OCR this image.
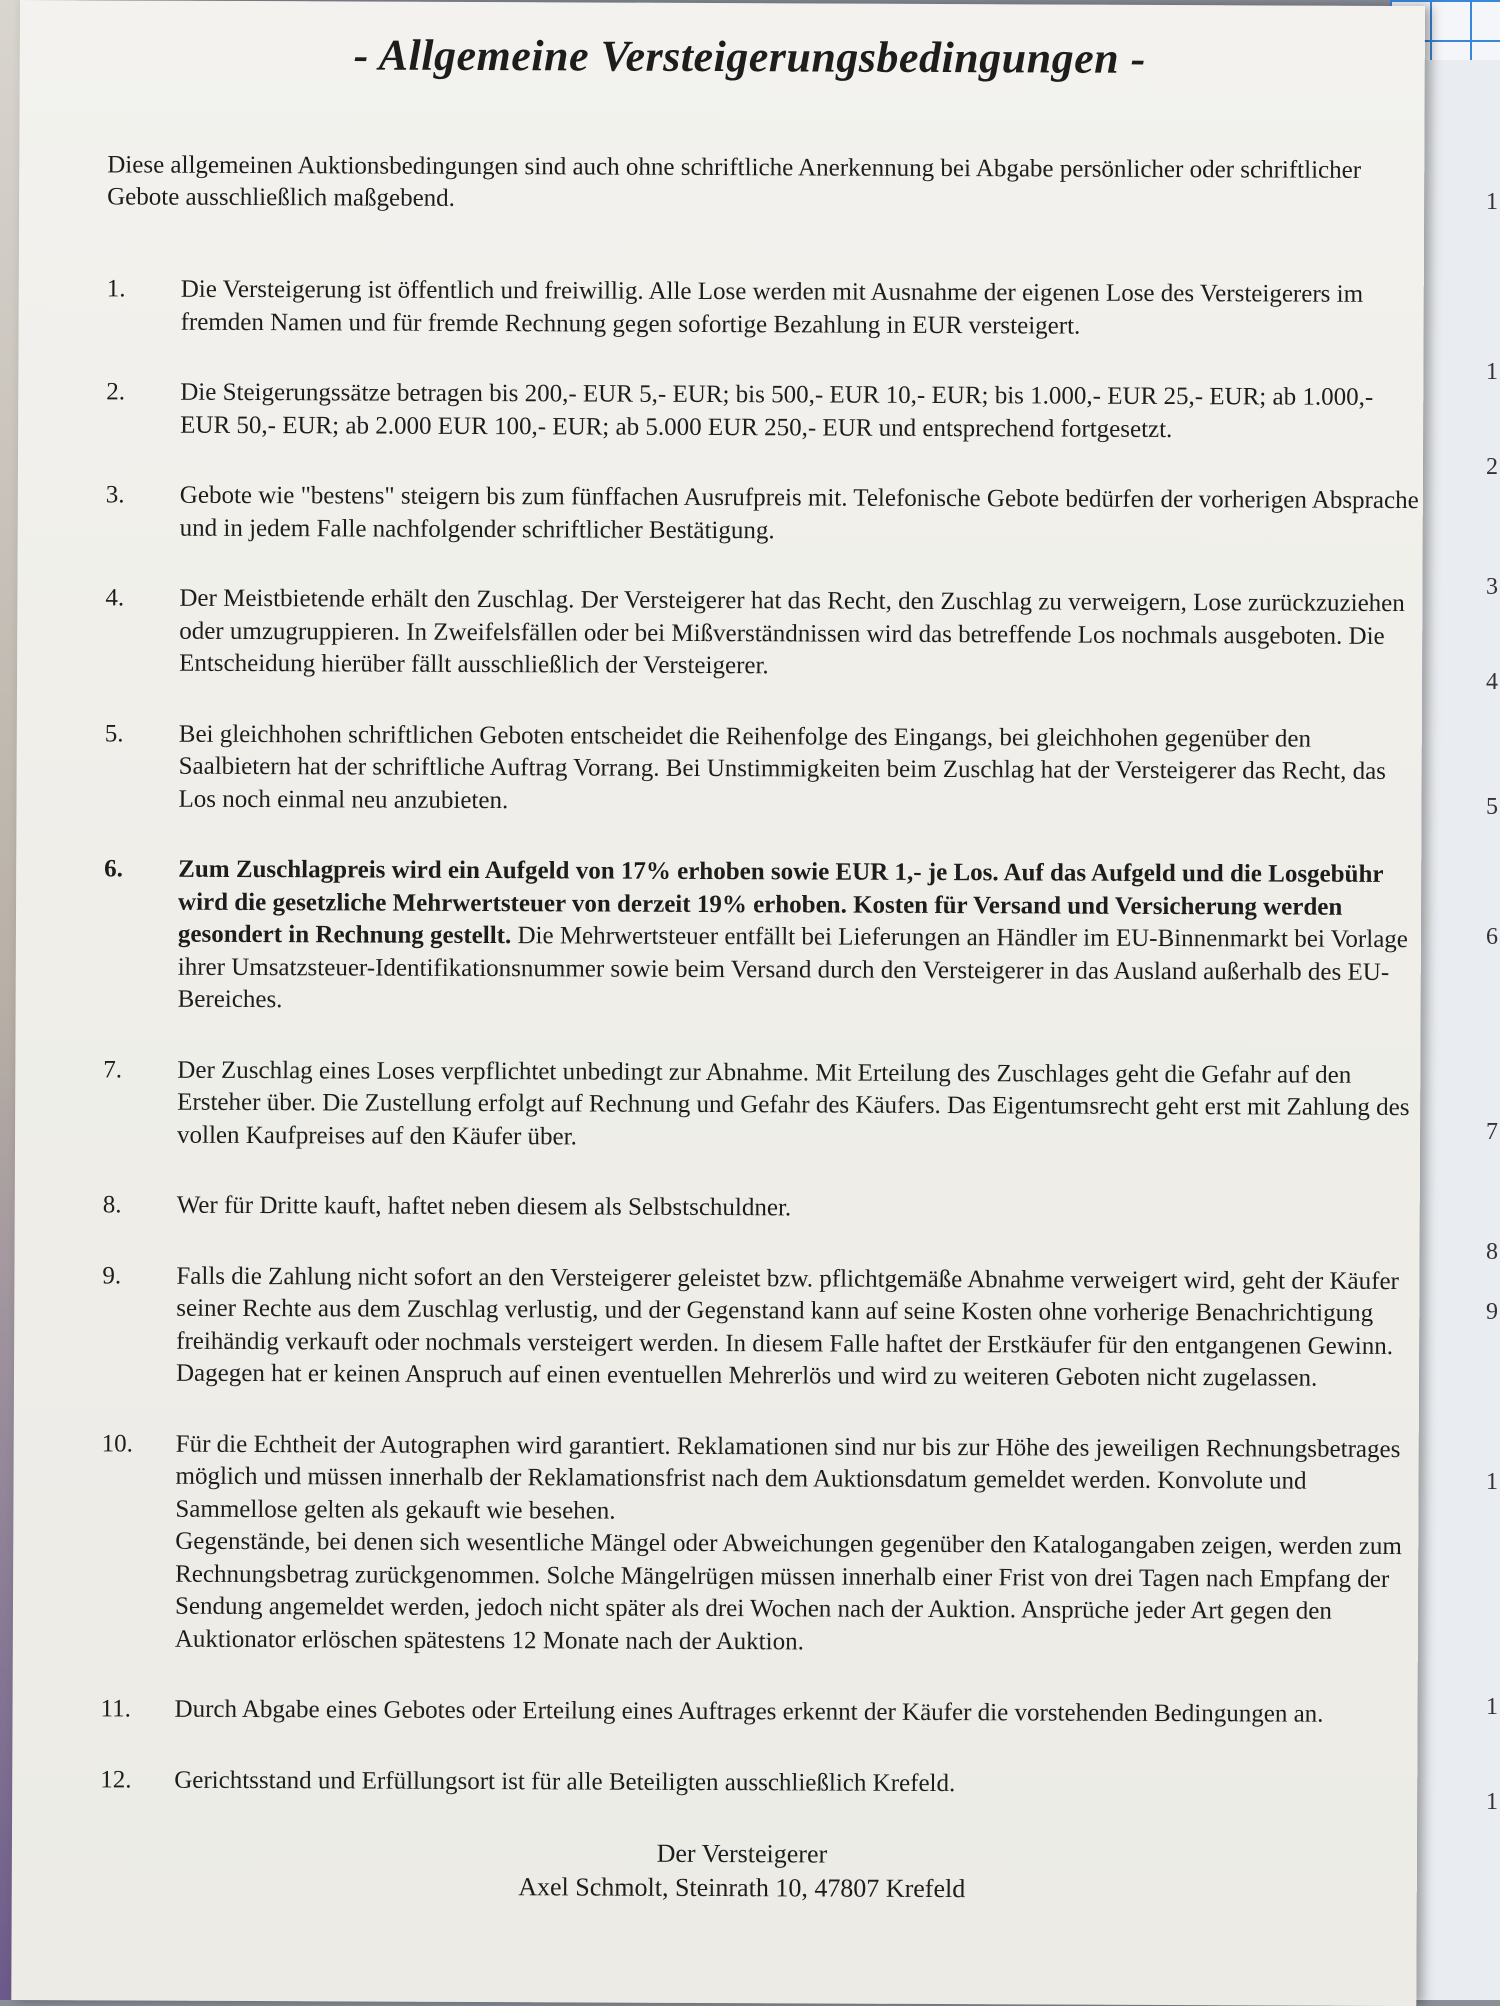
1
1
2
3
4
5
6
7
8
9
1
1
1
- Allgemeine Versteigerungsbedingungen -

Diese allgemeinen Auktionsbedingungen sind auch ohne schriftliche Anerkennung bei Abgabe persönlicher oder schriftlicher Gebote ausschließlich maßgebend.

1.	Die Versteigerung ist öffentlich und freiwillig. Alle Lose werden mit Ausnahme der eigenen Lose des Versteigerers im fremden Namen und für fremde Rechnung gegen sofortige Bezahlung in EUR versteigert.
2.	Die Steigerungssätze betragen bis 200,- EUR 5,- EUR; bis 500,- EUR 10,- EUR; bis 1.000,- EUR 25,- EUR; ab 1.000,- EUR 50,- EUR; ab 2.000 EUR 100,- EUR; ab 5.000 EUR 250,- EUR und entsprechend fortgesetzt.
3.	Gebote wie "bestens" steigern bis zum fünffachen Ausrufpreis mit. Telefonische Gebote bedürfen der vorherigen Absprache und in jedem Falle nachfolgender schriftlicher Bestätigung.
4.	Der Meistbietende erhält den Zuschlag. Der Versteigerer hat das Recht, den Zuschlag zu verweigern, Lose zurückzuziehen oder umzugruppieren. In Zweifelsfällen oder bei Mißverständnissen wird das betreffende Los nochmals ausgeboten. Die Entscheidung hierüber fällt ausschließlich der Versteigerer.
5.	Bei gleichhohen schriftlichen Geboten entscheidet die Reihenfolge des Eingangs, bei gleichhohen gegenüber den Saalbietern hat der schriftliche Auftrag Vorrang. Bei Unstimmigkeiten beim Zuschlag hat der Versteigerer das Recht, das Los noch einmal neu anzubieten.
6.	Zum Zuschlagpreis wird ein Aufgeld von 17% erhoben sowie EUR 1,- je Los. Auf das Aufgeld und die Losgebühr wird die gesetzliche Mehrwertsteuer von derzeit 19% erhoben. Kosten für Versand und Versicherung werden gesondert in Rechnung gestellt. Die Mehrwertsteuer entfällt bei Lieferungen an Händler im EU-Binnenmarkt bei Vorlage ihrer Umsatzsteuer-Identifikationsnummer sowie beim Versand durch den Versteigerer in das Ausland außerhalb des EU-Bereiches.
7.	Der Zuschlag eines Loses verpflichtet unbedingt zur Abnahme. Mit Erteilung des Zuschlages geht die Gefahr auf den Ersteher über. Die Zustellung erfolgt auf Rechnung und Gefahr des Käufers. Das Eigentumsrecht geht erst mit Zahlung des vollen Kaufpreises auf den Käufer über.
8.	Wer für Dritte kauft, haftet neben diesem als Selbstschuldner.
9.	Falls die Zahlung nicht sofort an den Versteigerer geleistet bzw. pflichtgemäße Abnahme verweigert wird, geht der Käufer seiner Rechte aus dem Zuschlag verlustig, und der Gegenstand kann auf seine Kosten ohne vorherige Benachrichtigung freihändig verkauft oder nochmals versteigert werden. In diesem Falle haftet der Erstkäufer für den entgangenen Gewinn. Dagegen hat er keinen Anspruch auf einen eventuellen Mehrerlös und wird zu weiteren Geboten nicht zugelassen.
10.	Für die Echtheit der Autographen wird garantiert. Reklamationen sind nur bis zur Höhe des jeweiligen Rechnungsbetrages möglich und müssen innerhalb der Reklamationsfrist nach dem Auktionsdatum gemeldet werden. Konvolute und Sammellose gelten als gekauft wie besehen.
Gegenstände, bei denen sich wesentliche Mängel oder Abweichungen gegenüber den Katalogangaben zeigen, werden zum Rechnungsbetrag zurückgenommen. Solche Mängelrügen müssen innerhalb einer Frist von drei Tagen nach Empfang der Sendung angemeldet werden, jedoch nicht später als drei Wochen nach der Auktion. Ansprüche jeder Art gegen den Auktionator erlöschen spätestens 12 Monate nach der Auktion.
11.	Durch Abgabe eines Gebotes oder Erteilung eines Auftrages erkennt der Käufer die vorstehenden Bedingungen an.
12.	Gerichtsstand und Erfüllungsort ist für alle Beteiligten ausschließlich Krefeld.
Der Versteigerer
Axel Schmolt, Steinrath 10, 47807 Krefeld
